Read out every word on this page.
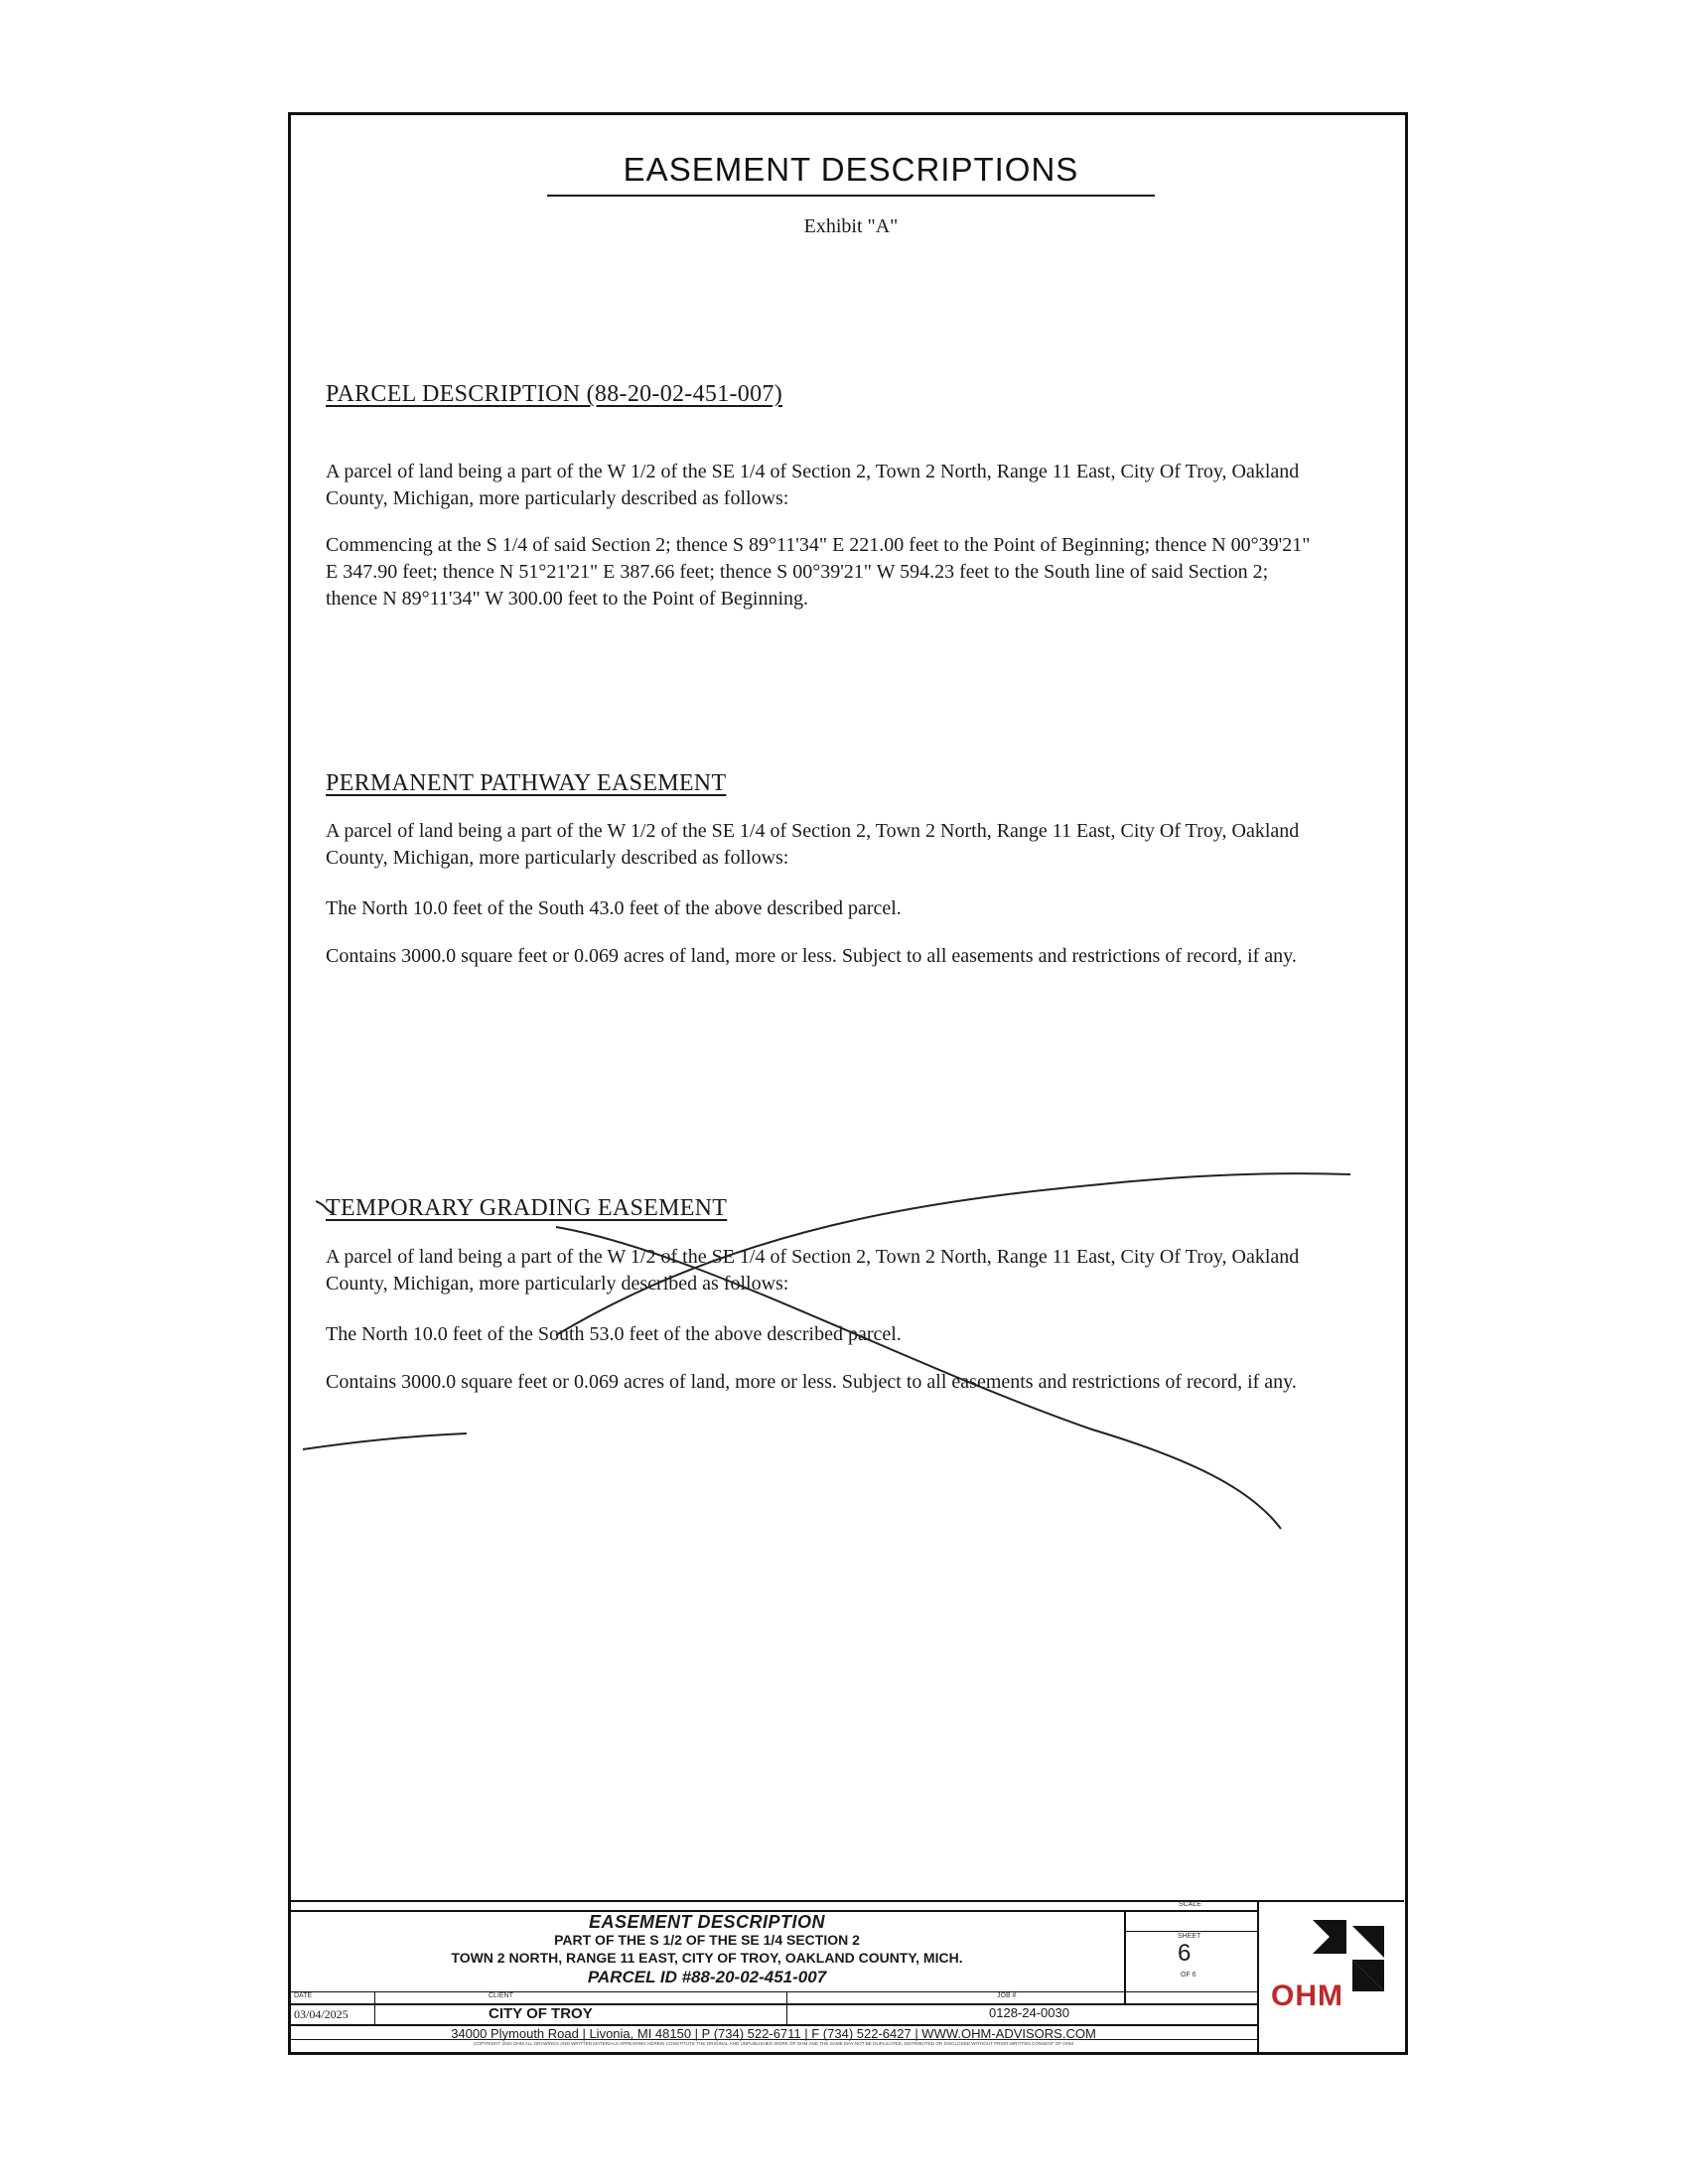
EASEMENT DESCRIPTIONS
Exhibit "A"
PARCEL DESCRIPTION (88-20-02-451-007)

A parcel of land being a part of the W 1/2 of the SE 1/4 of Section 2, Town 2 North, Range 11 East, City Of Troy, Oakland County, Michigan, more particularly described as follows:

Commencing at the S 1/4 of said Section 2; thence S 89°11'34" E 221.00 feet to the Point of Beginning; thence N 00°39'21" E 347.90 feet; thence N 51°21'21" E 387.66 feet; thence S 00°39'21" W 594.23 feet to the South line of said Section 2; thence N 89°11'34" W 300.00 feet to the Point of Beginning.

PERMANENT PATHWAY EASEMENT

A parcel of land being a part of the W 1/2 of the SE 1/4 of Section 2, Town 2 North, Range 11 East, City Of Troy, Oakland County, Michigan, more particularly described as follows:

The North 10.0 feet of the South 43.0 feet of the above described parcel.

Contains 3000.0 square feet or 0.069 acres of land, more or less. Subject to all easements and restrictions of record, if any.

TEMPORARY GRADING EASEMENT

A parcel of land being a part of the W 1/2 of the SE 1/4 of Section 2, Town 2 North, Range 11 East, City Of Troy, Oakland County, Michigan, more particularly described as follows:

The North 10.0 feet of the South 53.0 feet of the above described parcel.

Contains 3000.0 square feet or 0.069 acres of land, more or less. Subject to all easements and restrictions of record, if any.

EASEMENT DESCRIPTION
PART OF THE S 1/2 OF THE SE 1/4 SECTION 2
TOWN 2 NORTH, RANGE 11 EAST, CITY OF TROY, OAKLAND COUNTY, MICH.
PARCEL ID #88-20-02-451-007
SCALE
SHEET
6
OF 6
DATE
03/04/2025
CLIENT
CITY OF TROY
JOB #
0128-24-0030
34000 Plymouth Road | Livonia, MI 48150 | P (734) 522-6711 | F (734) 522-6427 | WWW.OHM-ADVISORS.COM
COPYRIGHT 2024 OHM ALL DRAWINGS AND WRITTEN MATERIALS APPEARING HEREIN CONSTITUTE THE ORIGINAL AND UNPUBLISHED WORK OF OHM AND THE SAME MAY NOT BE DUPLICATED, DISTRIBUTED OR DISCLOSED WITHOUT PRIOR WRITTEN CONSENT OF OHM
OHM
